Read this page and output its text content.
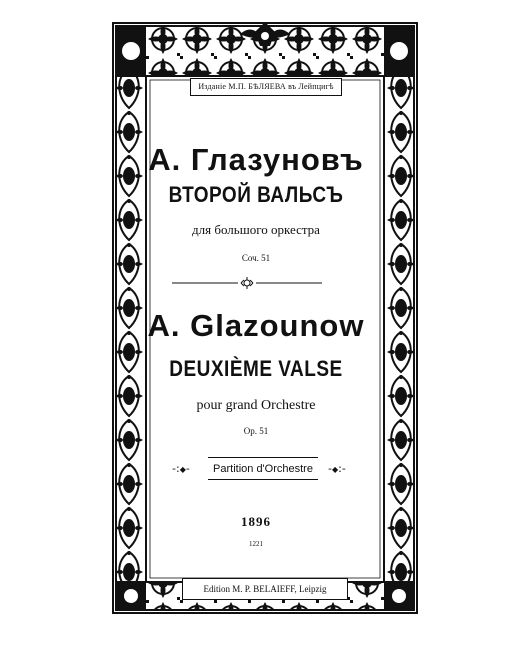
Изданiе М.П. БѢЛЯЕВА въ Лейпцигѣ
А. Глазуновъ
ВТОРОЙ ВАЛЬСЪ
для большого оркестра
Соч. 51
A. Glazounow
DEUXIÈME VALSE
pour grand Orchestre
Op. 51
-:◆-	Partition d'Orchestre	-◆:-
1896
1221
Edition M. P. BELAIEFF, Leipzig
